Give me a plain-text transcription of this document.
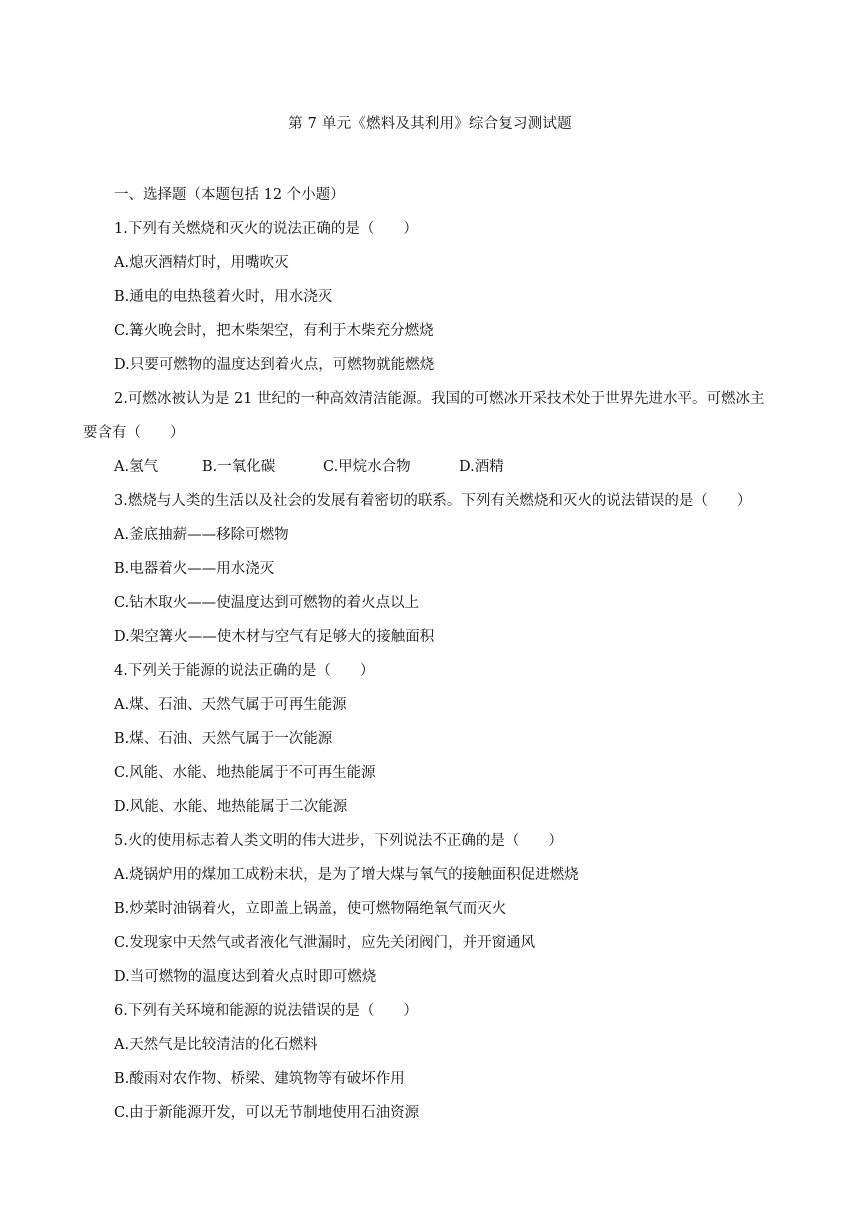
第 7 单元《燃料及其利用》综合复习测试题
一、选择题（本题包括 12 个小题）
1.下列有关燃烧和灭火的说法正确的是（　　）
A.熄灭酒精灯时，用嘴吹灭
B.通电的电热毯着火时，用水浇灭
C.篝火晚会时，把木柴架空，有利于木柴充分燃烧
D.只要可燃物的温度达到着火点，可燃物就能燃烧
2.可燃冰被认为是 21 世纪的一种高效清洁能源。我国的可燃冰开采技术处于世界先进水平。可燃冰主
要含有（　　）
A.氢气	B.一氧化碳	C.甲烷水合物	D.酒精
3.燃烧与人类的生活以及社会的发展有着密切的联系。下列有关燃烧和灭火的说法错误的是（　　）
A.釜底抽薪——移除可燃物
B.电器着火——用水浇灭
C.钻木取火——使温度达到可燃物的着火点以上
D.架空篝火——使木材与空气有足够大的接触面积
4.下列关于能源的说法正确的是（　　）
A.煤、石油、天然气属于可再生能源
B.煤、石油、天然气属于一次能源
C.风能、水能、地热能属于不可再生能源
D.风能、水能、地热能属于二次能源
5.火的使用标志着人类文明的伟大进步，下列说法不正确的是（　　）
A.烧锅炉用的煤加工成粉末状，是为了增大煤与氧气的接触面积促进燃烧
B.炒菜时油锅着火，立即盖上锅盖，使可燃物隔绝氧气而灭火
C.发现家中天然气或者液化气泄漏时，应先关闭阀门，并开窗通风
D.当可燃物的温度达到着火点时即可燃烧
6.下列有关环境和能源的说法错误的是（　　）
A.天然气是比较清洁的化石燃料
B.酸雨对农作物、桥梁、建筑物等有破坏作用
C.由于新能源开发，可以无节制地使用石油资源
